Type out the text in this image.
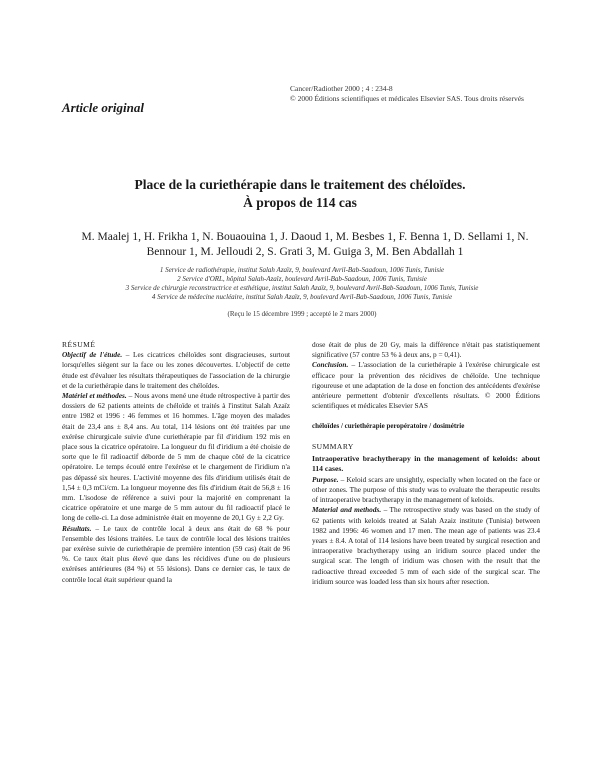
Cancer/Radiother 2000 ; 4 : 234-8
© 2000 Éditions scientifiques et médicales Elsevier SAS. Tous droits réservés
Article original
Place de la curiethérapie dans le traitement des chéloïdes.
À propos de 114 cas
M. Maalej 1, H. Frikha 1, N. Bouaouina 1, J. Daoud 1, M. Besbes 1, F. Benna 1, D. Sellami 1, N. Bennour 1, M. Jelloudi 2, S. Grati 3, M. Guiga 3, M. Ben Abdallah 1
1 Service de radiothérapie, institut Salah Azaïz, 9, boulevard Avril-Bab-Saadoun, 1006 Tunis, Tunisie
2 Service d'ORL, hôpital Salah-Azaïz, boulevard Avril-Bab-Saadoun, 1006 Tunis, Tunisie
3 Service de chirurgie reconstructrice et esthétique, institut Salah Azaïz, 9, boulevard Avril-Bab-Saadoun, 1006 Tunis, Tunisie
4 Service de médecine nucléaire, institut Salah Azaïz, 9, boulevard Avril-Bab-Saadoun, 1006 Tunis, Tunisie
(Reçu le 15 décembre 1999 ; accepté le 2 mars 2000)
RÉSUMÉ

Objectif de l'étude. – Les cicatrices chéloïdes sont disgracieuses, surtout lorsqu'elles siègent sur la face ou les zones découvertes. L'objectif de cette étude est d'évaluer les résultats thérapeutiques de l'association de la chirurgie et de la curiethérapie dans le traitement des chéloïdes.

Matériel et méthodes. – Nous avons mené une étude rétrospective à partir des dossiers de 62 patients atteints de chéloïde et traités à l'institut Salah Azaïz entre 1982 et 1996 : 46 femmes et 16 hommes. L'âge moyen des malades était de 23,4 ans ± 8,4 ans. Au total, 114 lésions ont été traitées par une exérèse chirurgicale suivie d'une curiethérapie par fil d'iridium 192 mis en place sous la cicatrice opératoire. La longueur du fil d'iridium a été choisie de sorte que le fil radioactif déborde de 5 mm de chaque côté de la cicatrice opératoire. Le temps écoulé entre l'exérèse et le chargement de l'iridium n'a pas dépassé six heures. L'activité moyenne des fils d'iridium utilisés était de 1,54 ± 0,3 mCi/cm. La longueur moyenne des fils d'iridium était de 56,8 ± 16 mm. L'isodose de référence a suivi pour la majorité en comprenant la cicatrice opératoire et une marge de 5 mm autour du fil radioactif placé le long de celle-ci. La dose administrée était en moyenne de 20,1 Gy ± 2,2 Gy.

Résultats. – Le taux de contrôle local à deux ans était de 68 % pour l'ensemble des lésions traitées. Le taux de contrôle local des lésions traitées par exérèse suivie de curiethérapie de première intention (59 cas) était de 96 %. Ce taux était plus élevé que dans les récidives d'une ou de plusieurs exérèses antérieures (84 %) et 55 lésions). Dans ce dernier cas, le taux de contrôle local était supérieur quand la

dose était de plus de 20 Gy, mais la différence n'était pas statistiquement significative (57 contre 53 % à deux ans, p = 0,41).

Conclusion. – L'association de la curiethérapie à l'exérèse chirurgicale est efficace pour la prévention des récidives de chéloïde. Une technique rigoureuse et une adaptation de la dose en fonction des antécédents d'exérèse antérieure permettent d'obtenir d'excellents résultats. © 2000 Éditions scientifiques et médicales Elsevier SAS

chéloïdes / curiethérapie peropératoire / dosimétrie
SUMMARY
Intraoperative brachytherapy in the management of keloids: about 114 cases.

Purpose. – Keloid scars are unsightly, especially when located on the face or other zones. The purpose of this study was to evaluate the therapeutic results of intraoperative brachytherapy in the management of keloids.

Material and methods. – The retrospective study was based on the study of 62 patients with keloids treated at Salah Azaiz institute (Tunisia) between 1982 and 1996: 46 women and 17 men. The mean age of patients was 23.4 years ± 8.4. A total of 114 lesions have been treated by surgical resection and intraoperative brachytherapy using an iridium source placed under the surgical scar. The length of iridium was chosen with the result that the radioactive thread exceeded 5 mm of each side of the surgical scar. The iridium source was loaded less than six hours after resection.
